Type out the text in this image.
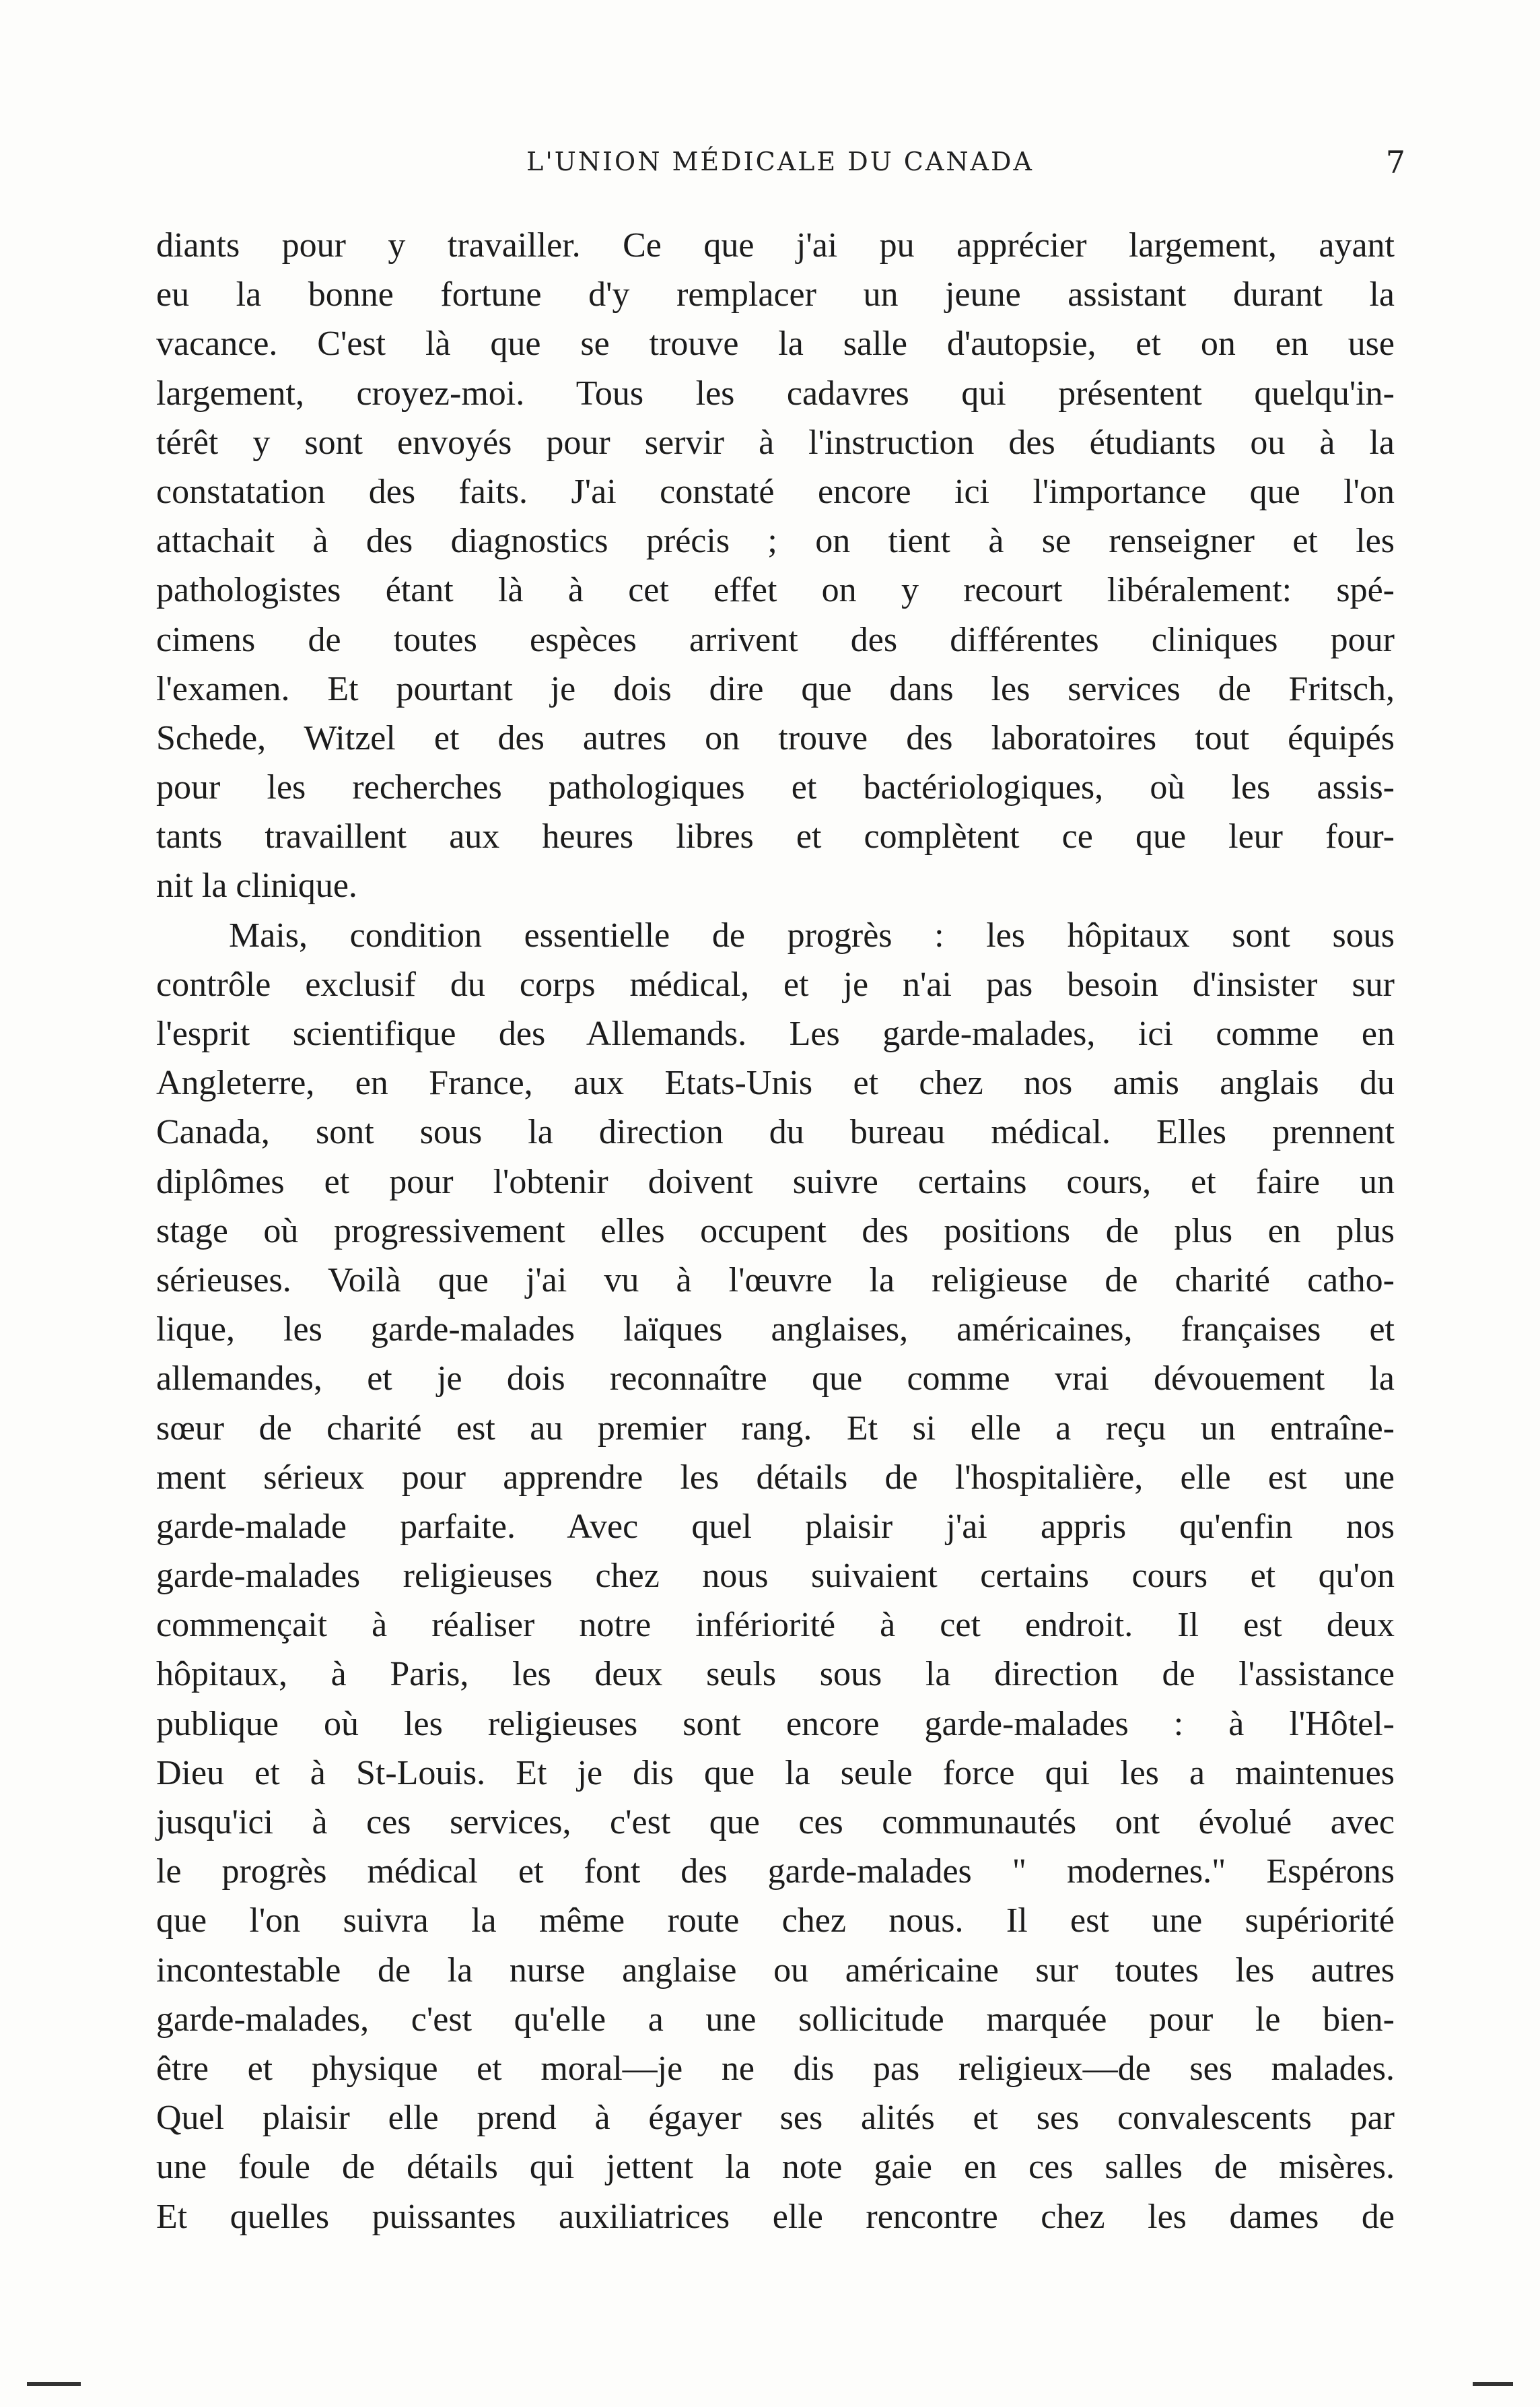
L'UNION MÉDICALE DU CANADA	7
diants pour y travailler. Ce que j'ai pu apprécier largement, ayant
eu la bonne fortune d'y remplacer un jeune assistant durant la
vacance. C'est là que se trouve la salle d'autopsie, et on en use
largement, croyez-moi. Tous les cadavres qui présentent quelqu'in-
térêt y sont envoyés pour servir à l'instruction des étudiants ou à la
constatation des faits. J'ai constaté encore ici l'importance que l'on
attachait à des diagnostics précis ; on tient à se renseigner et les
pathologistes étant là à cet effet on y recourt libéralement: spé-
cimens de toutes espèces arrivent des différentes cliniques pour
l'examen. Et pourtant je dois dire que dans les services de Fritsch,
Schede, Witzel et des autres on trouve des laboratoires tout équipés
pour les recherches pathologiques et bactériologiques, où les assis-
tants travaillent aux heures libres et complètent ce que leur four-
nit la clinique.
Mais, condition essentielle de progrès : les hôpitaux sont sous
contrôle exclusif du corps médical, et je n'ai pas besoin d'insister sur
l'esprit scientifique des Allemands. Les garde-malades, ici comme en
Angleterre, en France, aux Etats-Unis et chez nos amis anglais du
Canada, sont sous la direction du bureau médical. Elles prennent
diplômes et pour l'obtenir doivent suivre certains cours, et faire un
stage où progressivement elles occupent des positions de plus en plus
sérieuses. Voilà que j'ai vu à l'œuvre la religieuse de charité catho-
lique, les garde-malades laïques anglaises, américaines, françaises et
allemandes, et je dois reconnaître que comme vrai dévouement la
sœur de charité est au premier rang. Et si elle a reçu un entraîne-
ment sérieux pour apprendre les détails de l'hospitalière, elle est une
garde-malade parfaite. Avec quel plaisir j'ai appris qu'enfin nos
garde-malades religieuses chez nous suivaient certains cours et qu'on
commençait à réaliser notre infériorité à cet endroit. Il est deux
hôpitaux, à Paris, les deux seuls sous la direction de l'assistance
publique où les religieuses sont encore garde-malades : à l'Hôtel-
Dieu et à St-Louis. Et je dis que la seule force qui les a maintenues
jusqu'ici à ces services, c'est que ces communautés ont évolué avec
le progrès médical et font des garde-malades " modernes." Espérons
que l'on suivra la même route chez nous. Il est une supériorité
incontestable de la nurse anglaise ou américaine sur toutes les autres
garde-malades, c'est qu'elle a une sollicitude marquée pour le bien-
être et physique et moral—je ne dis pas religieux—de ses malades.
Quel plaisir elle prend à égayer ses alités et ses convalescents par
une foule de détails qui jettent la note gaie en ces salles de misères.
Et quelles puissantes auxiliatrices elle rencontre chez les dames de
